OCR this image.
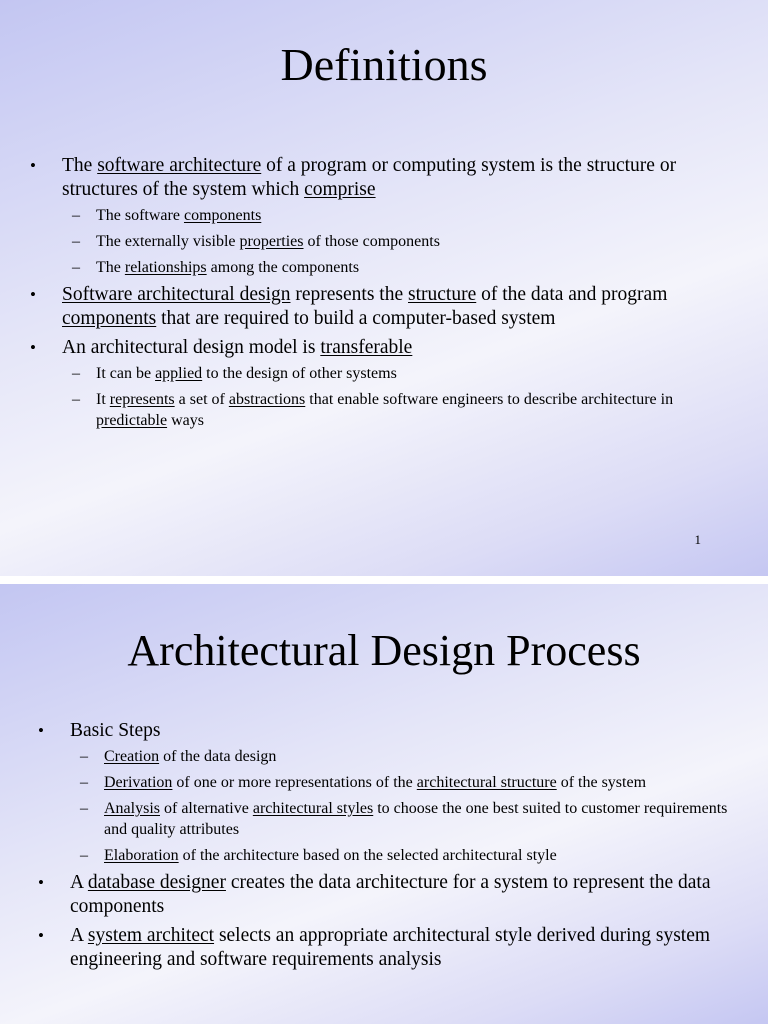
Definitions
• The software architecture of a program or computing system is the structure or structures of the system which comprise
– The software components
– The externally visible properties of those components
– The relationships among the components
• Software architectural design represents the structure of the data and program components that are required to build a computer-based system
• An architectural design model is transferable
– It can be applied to the design of other systems
– It represents a set of abstractions that enable software engineers to describe architecture in predictable ways
1
Architectural Design Process
• Basic Steps
– Creation of the data design
– Derivation of one or more representations of the architectural structure of the system
– Analysis of alternative architectural styles to choose the one best suited to customer requirements and quality attributes
– Elaboration of the architecture based on the selected architectural style
• A database designer creates the data architecture for a system to represent the data components
• A system architect selects an appropriate architectural style derived during system engineering and software requirements analysis
